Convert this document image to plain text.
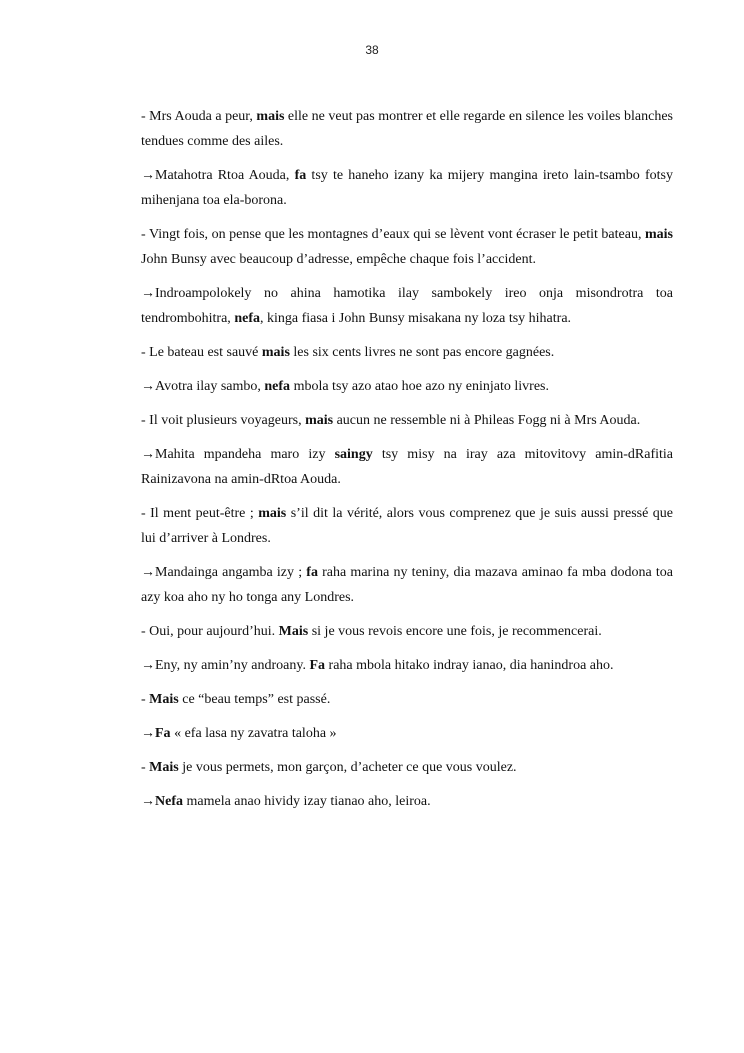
38

- Mrs Aouda a peur, mais elle ne veut pas montrer et elle regarde en silence les voiles blanches tendues comme des ailes.

→Matahotra Rtoa Aouda, fa tsy te haneho izany ka mijery mangina ireto lain-tsambo fotsy mihenjana toa ela-borona.

- Vingt fois, on pense que les montagnes d’eaux qui se lèvent vont écraser le petit bateau, mais John Bunsy avec beaucoup d’adresse, empêche chaque fois l’accident.

→Indroampolokely no ahina hamotika ilay sambokely ireo onja misondrotra toa tendrombohitra, nefa, kinga fiasa i John Bunsy misakana ny loza tsy hihatra.

- Le bateau est sauvé mais les six cents livres ne sont pas encore gagnées.

→Avotra ilay sambo, nefa mbola tsy azo atao hoe azo ny eninjato livres.

- Il voit plusieurs voyageurs, mais aucun ne ressemble ni à Phileas Fogg ni à Mrs Aouda.

→Mahita mpandeha maro izy saingy tsy misy na iray aza mitovitovy amin-dRafitia Rainizavona na amin-dRtoa Aouda.

- Il ment peut-être ; mais s’il dit la vérité, alors vous comprenez que je suis aussi pressé que lui d’arriver à Londres.

→Mandainga angamba izy ; fa raha marina ny teniny, dia mazava aminao fa mba dodona toa azy koa aho ny ho tonga any Londres.

- Oui, pour aujourd’hui. Mais si je vous revois encore une fois, je recommencerai.

→Eny, ny amin’ny androany. Fa raha mbola hitako indray ianao, dia hanindroa aho.

- Mais ce “beau temps” est passé.

→Fa « efa lasa ny zavatra taloha »

- Mais je vous permets, mon garçon, d’acheter ce que vous voulez.

→Nefa mamela anao hividy izay tianao aho, leiroa.
